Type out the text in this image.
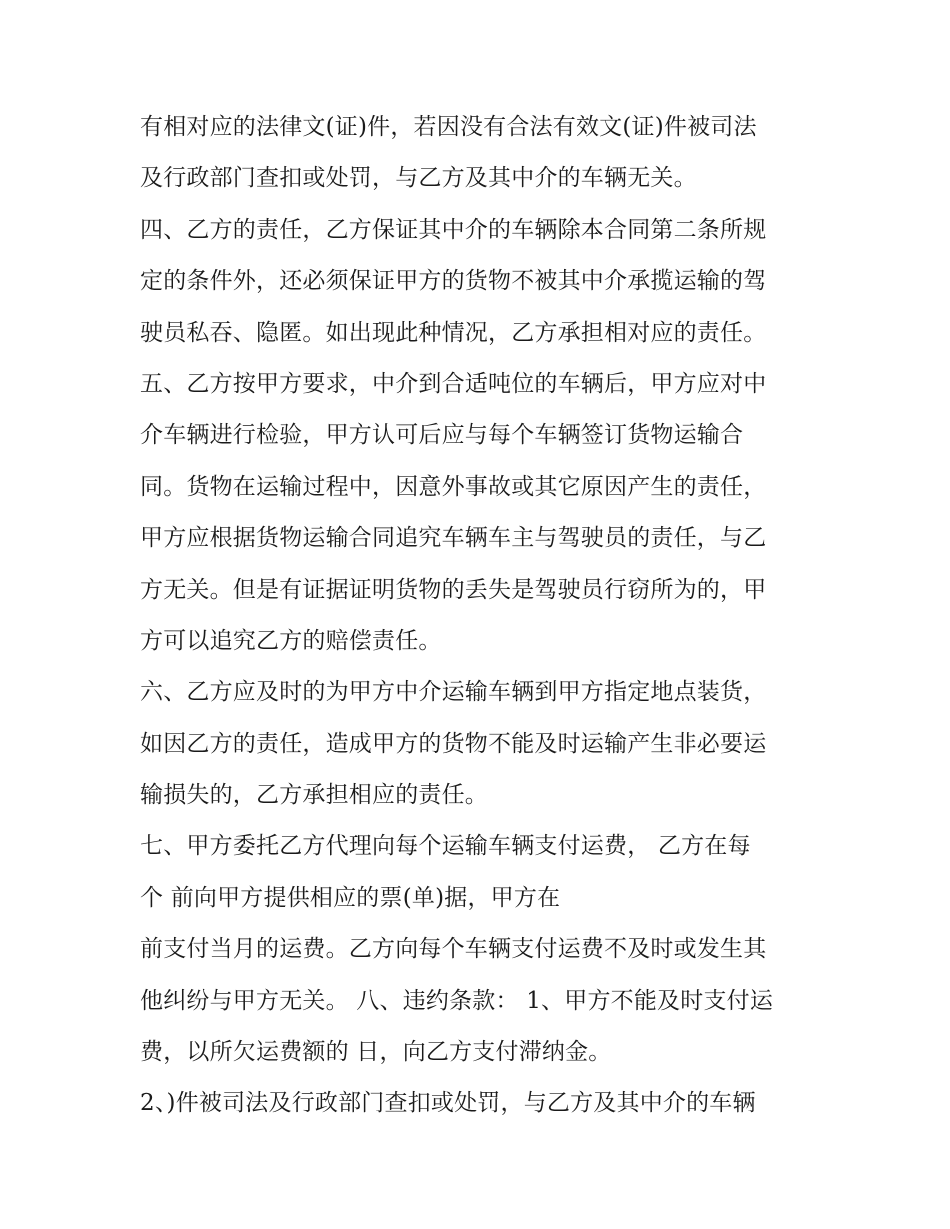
有相对应的法律文(证)件，若因没有合法有效文(证)件被司法
及行政部门查扣或处罚，与乙方及其中介的车辆无关。
四、乙方的责任，乙方保证其中介的车辆除本合同第二条所规
定的条件外，还必须保证甲方的货物不被其中介承揽运输的驾
驶员私吞、隐匿。如出现此种情况，乙方承担相对应的责任。
五、乙方按甲方要求，中介到合适吨位的车辆后，甲方应对中
介车辆进行检验，甲方认可后应与每个车辆签订货物运输合
同。货物在运输过程中，因意外事故或其它原因产生的责任，
甲方应根据货物运输合同追究车辆车主与驾驶员的责任，与乙
方无关。但是有证据证明货物的丢失是驾驶员行窃所为的，甲
方可以追究乙方的赔偿责任。
六、乙方应及时的为甲方中介运输车辆到甲方指定地点装货，
如因乙方的责任，造成甲方的货物不能及时运输产生非必要运
输损失的，乙方承担相应的责任。
七、甲方委托乙方代理向每个运输车辆支付运费， 乙方在每
个 前向甲方提供相应的票(单)据，甲方在
前支付当月的运费。乙方向每个车辆支付运费不及时或发生其
他纠纷与甲方无关。 八、违约条款： 1、甲方不能及时支付运
费，以所欠运费额的 日，向乙方支付滞纳金。
2、)件被司法及行政部门查扣或处罚，与乙方及其中介的车辆
